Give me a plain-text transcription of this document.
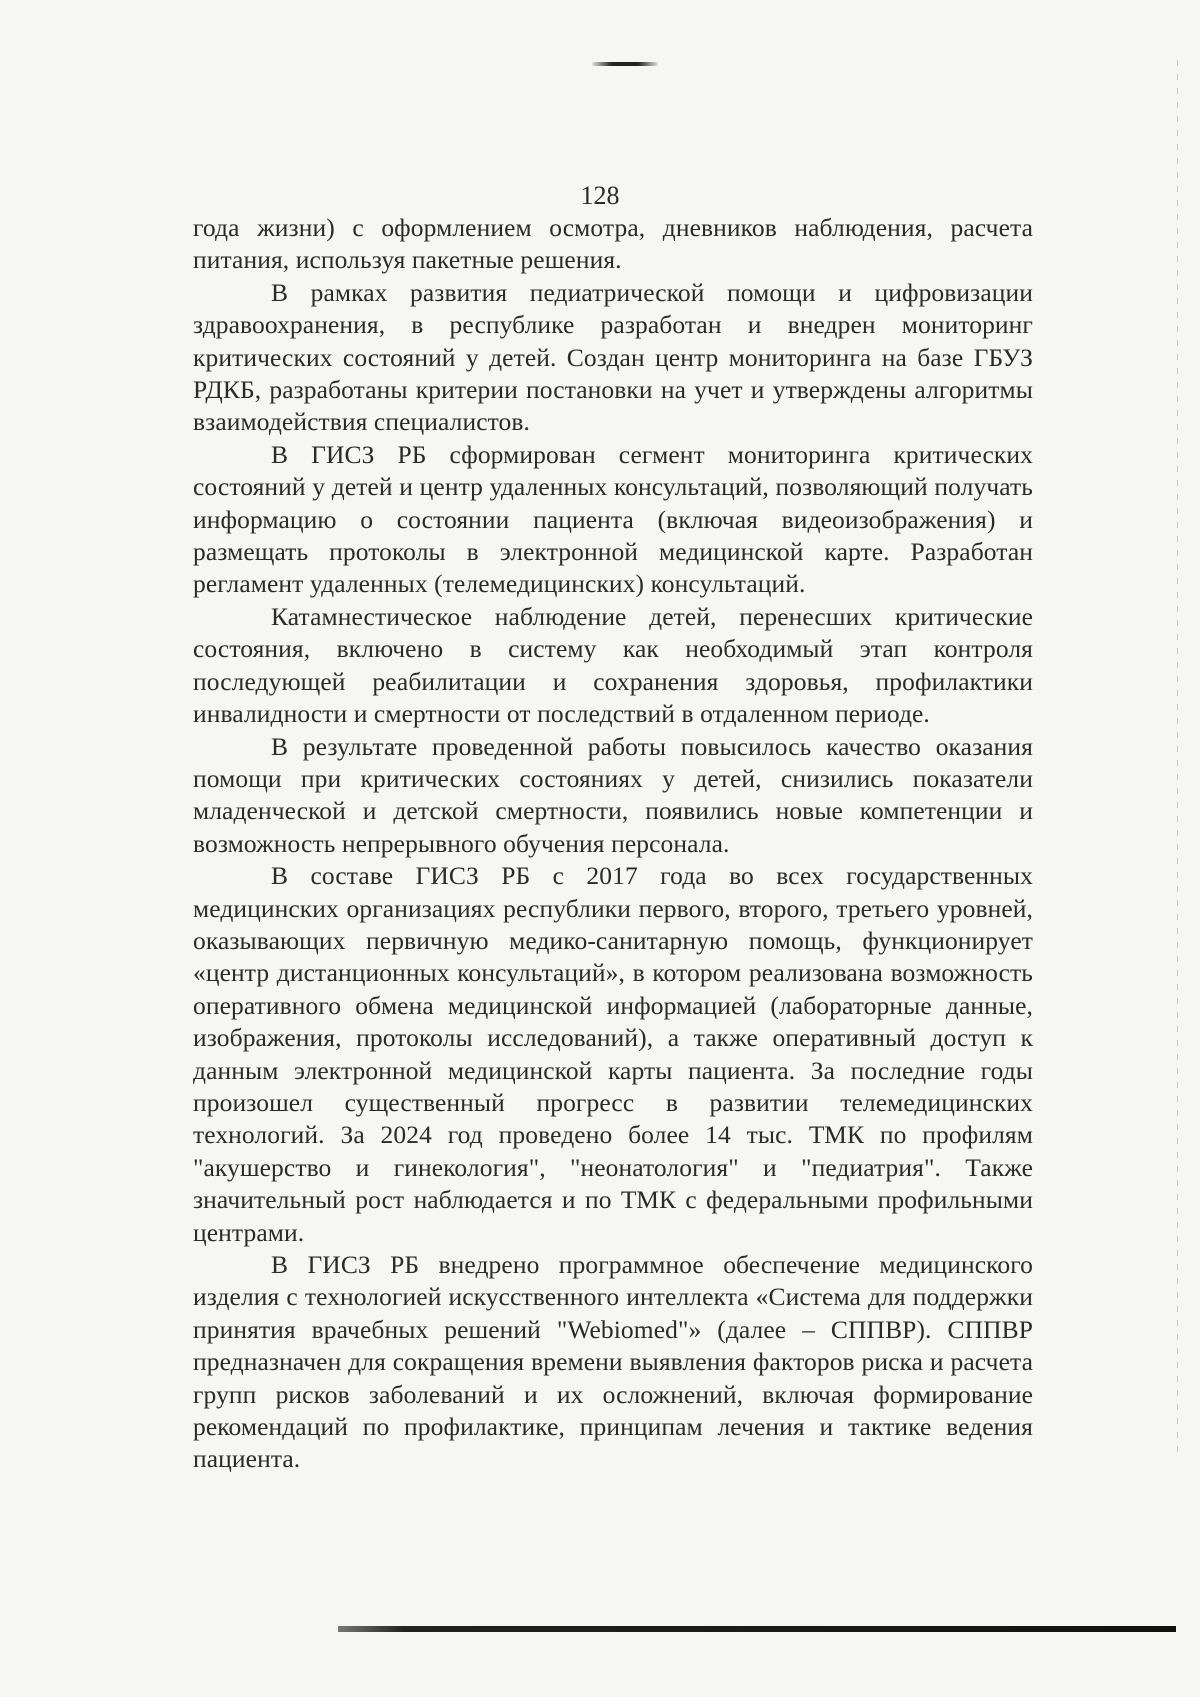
128

года жизни) с оформлением осмотра, дневников наблюдения, расчета питания, используя пакетные решения.

В рамках развития педиатрической помощи и цифровизации здравоохранения, в республике разработан и внедрен мониторинг критических состояний у детей. Создан центр мониторинга на базе ГБУЗ РДКБ, разработаны критерии постановки на учет и утверждены алгоритмы взаимодействия специалистов.

В ГИСЗ РБ сформирован сегмент мониторинга критических состояний у детей и центр удаленных консультаций, позволяющий получать информацию о состоянии пациента (включая видеоизображения) и размещать протоколы в электронной медицинской карте. Разработан регламент удаленных (телемедицинских) консультаций.

Катамнестическое наблюдение детей, перенесших критические состояния, включено в систему как необходимый этап контроля последующей реабилитации и сохранения здоровья, профилактики инвалидности и смертности от последствий в отдаленном периоде.

В результате проведенной работы повысилось качество оказания помощи при критических состояниях у детей, снизились показатели младенческой и детской смертности, появились новые компетенции и возможность непрерывного обучения персонала.

В составе ГИСЗ РБ с 2017 года во всех государственных медицинских организациях республики первого, второго, третьего уровней, оказывающих первичную медико-санитарную помощь, функционирует «центр дистанционных консультаций», в котором реализована возможность оперативного обмена медицинской информацией (лабораторные данные, изображения, протоколы исследований), а также оперативный доступ к данным электронной медицинской карты пациента. За последние годы произошел существенный прогресс в развитии телемедицинских технологий. За 2024 год проведено более 14 тыс. ТМК по профилям "акушерство и гинекология", "неонатология" и "педиатрия". Также значительный рост наблюдается и по ТМК с федеральными профильными центрами.

В ГИСЗ РБ внедрено программное обеспечение медицинского изделия с технологией искусственного интеллекта «Система для поддержки принятия врачебных решений "Webiomed"» (далее – СППВР). СППВР предназначен для сокращения времени выявления факторов риска и расчета групп рисков заболеваний и их осложнений, включая формирование рекомендаций по профилактике, принципам лечения и тактике ведения пациента.
